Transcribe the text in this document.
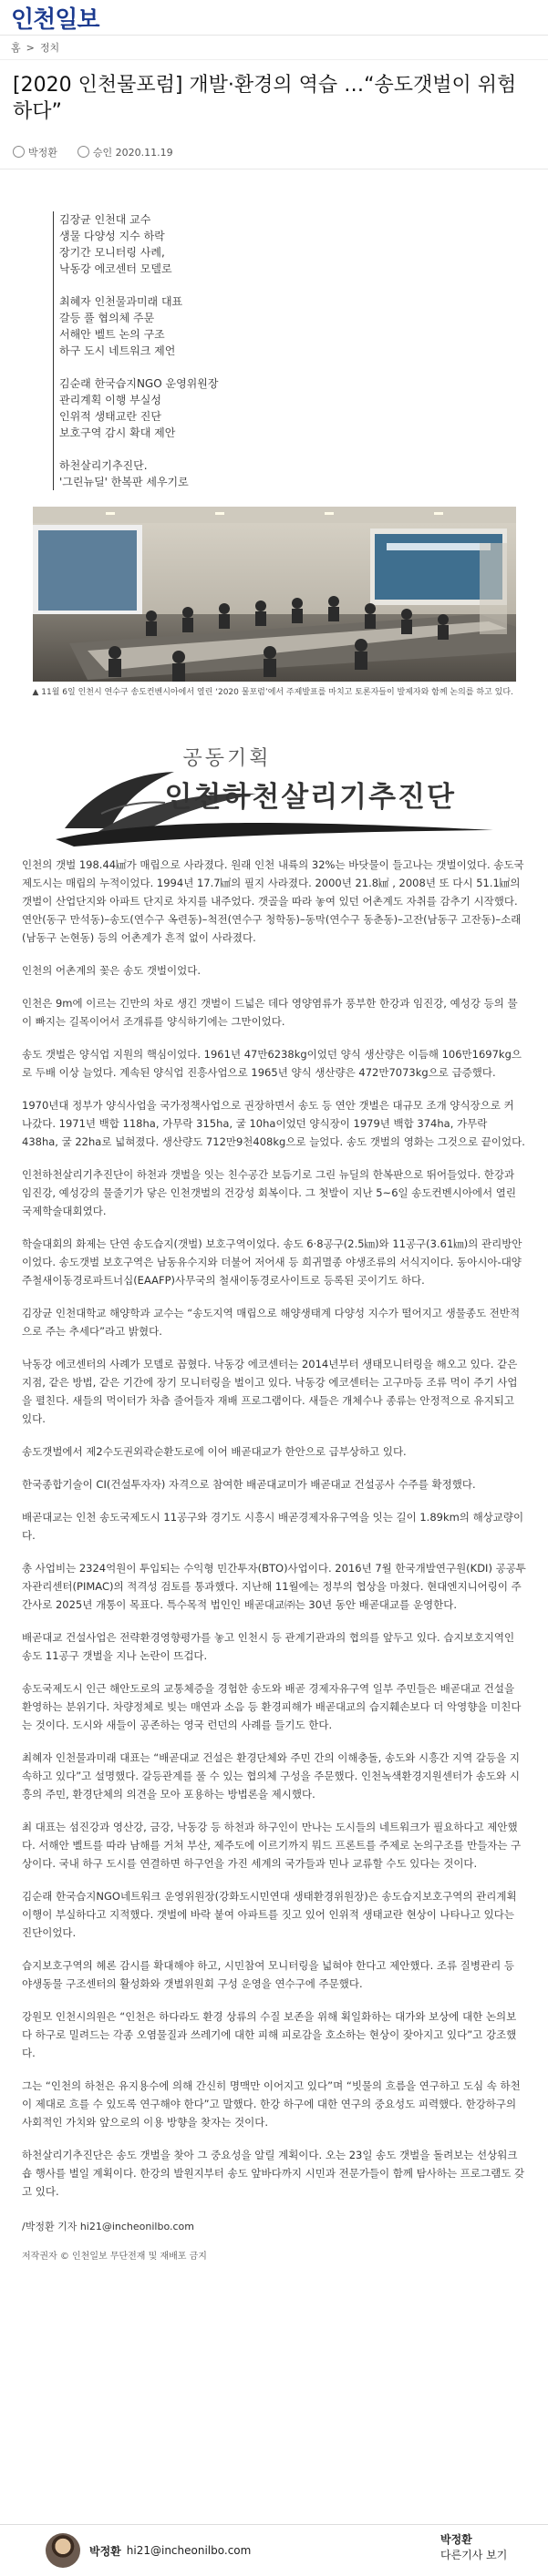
인천일보
홈 > 정치
[2020 인천물포럼] 개발·환경의 역습 …“송도갯벌이 위험하다”
박정환	승인 2020.11.19

김장균 인천대 교수
생물 다양성 지수 하락
장기간 모니터링 사례,
낙동강 에코센터 모델로

최혜자 인천물과미래 대표
갈등 풀 협의체 주문
서해안 벨트 논의 구조
하구 도시 네트워크 제언

김순래 한국습지NGO 운영위원장
관리계획 이행 부실성
인위적 생태교란 진단
보호구역 감시 확대 제안

하천살리기추진단.
'그린뉴딜' 한복판 세우기로

▲ 11월 6일 인천시 연수구 송도컨벤시아에서 열린 ‘2020 물포럼’에서 주제발표를 마치고 토론자들이 발제자와 함께 논의를 하고 있다.
공동기획
인천하천살리기추진단

인천의 갯벌 198.44㎢가 매립으로 사라졌다. 원래 인천 내륙의 32%는 바닷물이 들고나는 갯벌이었다. 송도국제도시는 매립의 누적이었다. 1994년 17.7㎢의 필지 사라졌다. 2000년 21.8㎢ , 2008년 또 다시 51.1㎢의 갯벌이 산업단지와 아파트 단지로 차지를 내주었다. 갯골을 따라 놓여 있던 어촌계도 자취를 감추기 시작했다. 연안(동구 만석동)–송도(연수구 옥련동)–척전(연수구 청학동)–동막(연수구 동춘동)–고잔(남동구 고잔동)–소래(남동구 논현동) 등의 어촌계가 흔적 없이 사라졌다.

인천의 어촌계의 꽃은 송도 갯벌이었다.

인천은 9m에 이르는 긴만의 차로 생긴 갯벌이 드넓은 데다 영양염류가 풍부한 한강과 임진강, 예성강 등의 물이 빠지는 길목이어서 조개류를 양식하기에는 그만이었다.

송도 갯벌은 양식업 지원의 핵심이었다. 1961년 47만6238kg이었던 양식 생산량은 이듬해 106만1697kg으로 두배 이상 늘었다. 계속된 양식업 진흥사업으로 1965년 양식 생산량은 472만7073kg으로 급증했다.

1970년대 정부가 양식사업을 국가정책사업으로 권장하면서 송도 등 연안 갯벌은 대규모 조개 양식장으로 커 나갔다. 1971년 백합 118ha, 가무락 315ha, 굴 10ha이었던 양식장이 1979년 백합 374ha, 가무락 438ha, 굴 22ha로 넓혀졌다. 생산량도 712만9천408kg으로 늘었다. 송도 갯벌의 영화는 그것으로 끝이었다.

인천하천살리기추진단이 하천과 갯벌을 잇는 친수공간 보듬기로 그린 뉴딜의 한복판으로 뛰어들었다. 한강과 임진강, 예성강의 물줄기가 닿은 인천갯벌의 건강성 회복이다. 그 첫발이 지난 5~6일 송도컨벤시아에서 열린 국제학술대회였다.

학술대회의 화제는 단연 송도습지(갯벌) 보호구역이었다. 송도 6·8공구(2.5㎞)와 11공구(3.61㎞)의 관리방안이었다. 송도갯벌 보호구역은 남동유수지와 더불어 저어새 등 희귀멸종 야생조류의 서식지이다. 동아시아-대양주철새이동경로파트너십(EAAFP)사무국의 철새이동경로사이트로 등록된 곳이기도 하다.

김장균 인천대학교 해양학과 교수는 “송도지역 매립으로 해양생태계 다양성 지수가 떨어지고 생물종도 전반적으로 주는 추세다”라고 밝혔다.

낙동강 에코센터의 사례가 모델로 꼽혔다. 낙동강 에코센터는 2014년부터 생태모니터링을 해오고 있다. 같은 지점, 같은 방법, 같은 기간에 장기 모니터링을 벌이고 있다. 낙동강 에코센터는 고구마등 조류 먹이 주기 사업을 펼친다. 새들의 먹이터가 차츰 줄어들자 재배 프로그램이다. 새들은 개체수나 종류는 안정적으로 유지되고 있다.

송도갯벌에서 제2수도권외곽순환도로에 이어 배곧대교가 한안으로 급부상하고 있다.

한국종합기술이 CI(건설투자자) 자격으로 참여한 배곧대교미가 배곧대교 건설공사 수주를 확정했다.

배곧대교는 인천 송도국제도시 11공구와 경기도 시흥시 배곧경제자유구역을 잇는 길이 1.89km의 해상교량이다.

총 사업비는 2324억원이 투입되는 수익형 민간투자(BTO)사업이다. 2016년 7월 한국개발연구원(KDI) 공공투자관리센터(PIMAC)의 적격성 검토를 통과했다. 지난해 11월에는 정부의 협상을 마쳤다. 현대엔지니어링이 주간사로 2025년 개통이 목표다. 특수목적 법인인 배곧대교㈜는 30년 동안 배곧대교를 운영한다.

배곧대교 건설사업은 전략환경영향평가를 놓고 인천시 등 관계기관과의 협의를 앞두고 있다. 습지보호지역인 송도 11공구 갯벌을 지나 논란이 뜨겁다.

송도국제도시 인근 해안도로의 교통체증을 경험한 송도와 배곧 경제자유구역 일부 주민들은 배곧대교 건설을 환영하는 분위기다. 차량정체로 빚는 매연과 소음 등 환경피해가 배곧대교의 습지훼손보다 더 악영향을 미친다는 것이다. 도시와 새들이 공존하는 영국 런던의 사례를 들기도 한다.

최혜자 인천물과미래 대표는 “배곧대교 건설은 환경단체와 주민 간의 이해충돌, 송도와 시흥간 지역 갈등을 지속하고 있다”고 설명했다. 갈등관계를 풀 수 있는 협의체 구성을 주문했다. 인천녹색환경지원센터가 송도와 시흥의 주민, 환경단체의 의견을 모아 포용하는 방법론을 제시했다.

최 대표는 섬진강과 영산강, 금강, 낙동강 등 하천과 하구인이 만나는 도시들의 네트워크가 필요하다고 제안했다. 서해안 벨트를 따라 남해를 거쳐 부산, 제주도에 이르기까지 뭐드 프론트를 주제로 논의구조를 만들자는 구상이다. 국내 하구 도시를 연결하면 하구언을 가진 세계의 국가들과 민나 교류할 수도 있다는 것이다.

김순래 한국습지NGO네트워크 운영위원장(강화도시민연대 생태환경위원장)은 송도습지보호구역의 관리계획 이행이 부실하다고 지적했다. 갯벌에 바락 붙여 아파트를 짓고 있어 인위적 생태교란 현상이 나타나고 있다는 진단이었다.

습지보호구역의 헤론 감시를 확대해야 하고, 시민참여 모니터링을 넓혀야 한다고 제안했다. 조류 질병관리 등 야생동물 구조센터의 활성화와 갯벌위원회 구성 운영을 연수구에 주문했다.

강원모 인천시의원은 “인천은 하다라도 환경 상류의 수질 보존을 위해 획일화하는 대가와 보상에 대한 논의보다 하구로 밀려드는 각종 오염물질과 쓰레기에 대한 피해 피로감을 호소하는 현상이 잦아지고 있다”고 강조했다.

그는 “인천의 하천은 유지용수에 의해 간신히 명맥만 이어지고 있다”며 “빗물의 흐름을 연구하고 도심 속 하천이 제대로 흐를 수 있도록 연구해야 한다”고 말했다. 한강 하구에 대한 연구의 중요성도 피력했다. 한강하구의 사회적인 가치와 앞으로의 이용 방향을 찾자는 것이다.

하천살리기추진단은 송도 갯벌을 찾아 그 중요성을 알릴 계획이다. 오는 23일 송도 갯벌을 돌려보는 선상워크숍 행사를 벌일 계획이다. 한강의 발원지부터 송도 앞바다까지 시민과 전문가들이 함께 탐사하는 프로그램도 갖고 있다.

/박정환 기자 hi21@incheonilbo.com
저작권자 © 인천일보 무단전재 및 재배포 금지
박정환 hi21@incheonilbo.com
박정환
다른기사 보기
